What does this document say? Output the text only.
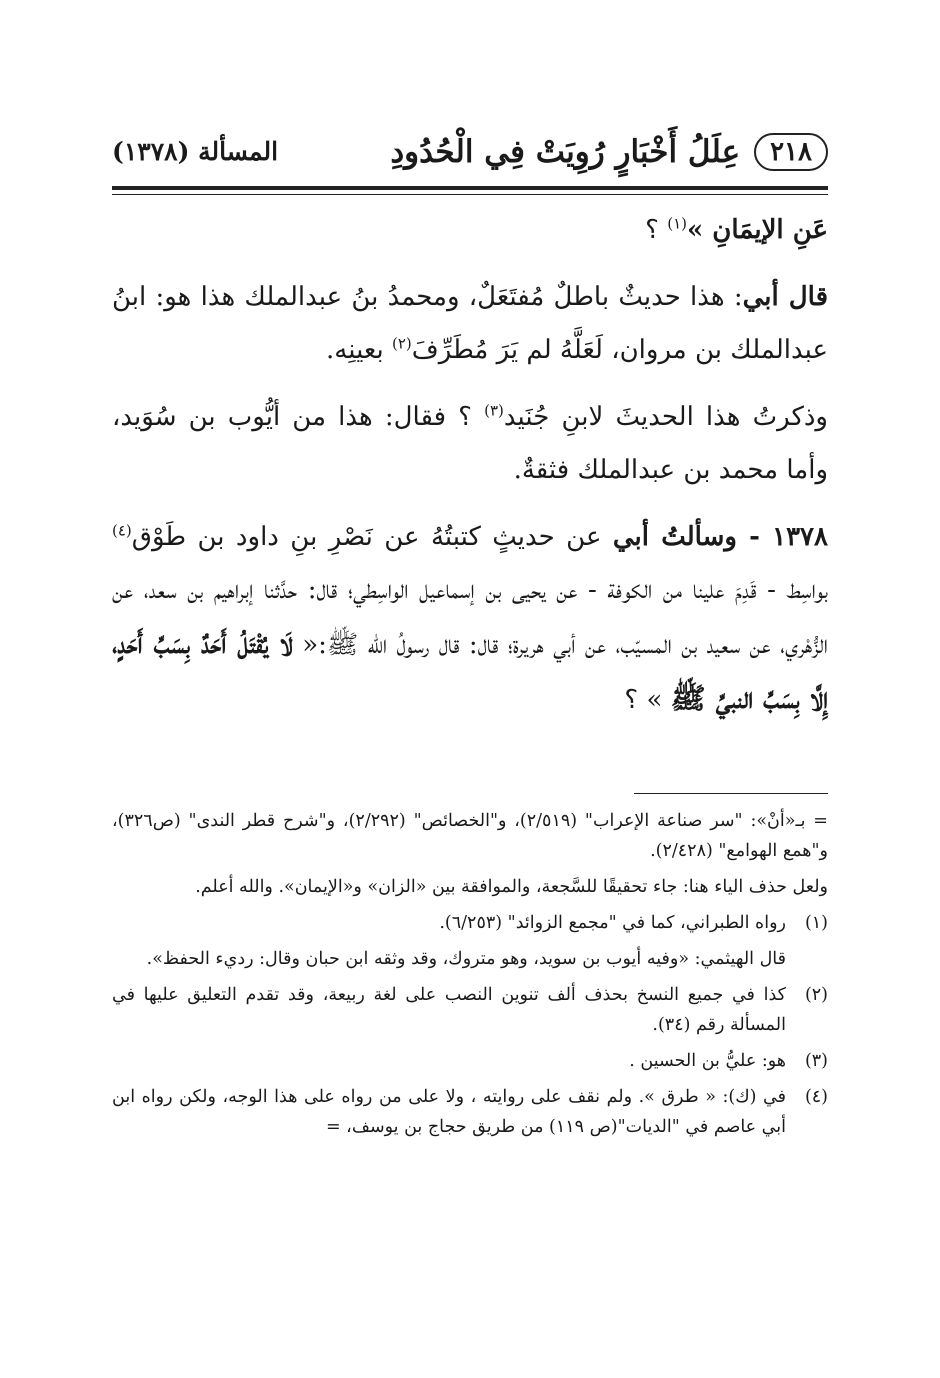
٢١٨
عِلَلُ أَخْبَارٍ رُوِيَتْ فِي الْحُدُودِ
المسألة (١٣٧٨)

عَنِ الإيمَانِ »$^{(١)}$ ؟

قال أبي: هذا حديثٌ باطلٌ مُفتَعَلٌ، ومحمدُ بنُ عبدالملك هذا هو: ابنُ عبدالملك بن مروان، لَعَلَّهُ لم يَرَ مُطَرِّفَ$^{(٢)}$ بعينِه.

وذكرتُ هذا الحديثَ لابنِ جُنَيد$^{(٣)}$ ؟ فقال: هذا من أيُّوب بن سُوَيد، وأما محمد بن عبدالملك فثقةٌ.

١٣٧٨ - وسألتُ أبي عن حديثٍ كتبتُهُ عن نَصْرِ بنِ داود بن طَوْق$^{(٤)}$ بواسِط - قَدِمَ علينا من الكوفة - عن يحيى بن إسماعيل الواسِطي؛ قال: حدَّثنا إبراهيم بن سعد، عن الزُّهْري، عن سعيد بن المسيّب، عن أبي هريرة؛ قال: قال رسولُ الله ﷺ:« لَا يُقْتَلُ أَحَدٌ بِسَبِّ أَحَدٍ، إِلَّا بِسَبِّ النبيِّ ﷺ » ؟

= بـ«أنْ»: "سر صناعة الإعراب" (٢/٥١٩)، و"الخصائص" (٢/٢٩٢)، و"شرح قطر الندى" (ص٣٢٦)، و"همع الهوامع" (٢/٤٢٨).

ولعل حذف الياء هنا: جاء تحقيقًا للسَّجعة، والموافقة بين «الزان» و«الإيمان». والله أعلم.

(١)

رواه الطبراني، كما في "مجمع الزوائد" (٦/٢٥٣).

قال الهيثمي: «وفيه أيوب بن سويد، وهو متروك، وقد وثقه ابن حبان وقال: رديء الحفظ».

(٢)

كذا في جميع النسخ بحذف ألف تنوين النصب على لغة ربيعة، وقد تقدم التعليق عليها في المسألة رقم (٣٤).

(٣)

هو: عليُّ بن الحسين .

(٤)

في (ك): « طرق ». ولم نقف على روايته ، ولا على من رواه على هذا الوجه، ولكن رواه ابن أبي عاصم في "الديات"(ص ١١٩) من طريق حجاج بن يوسف، =
